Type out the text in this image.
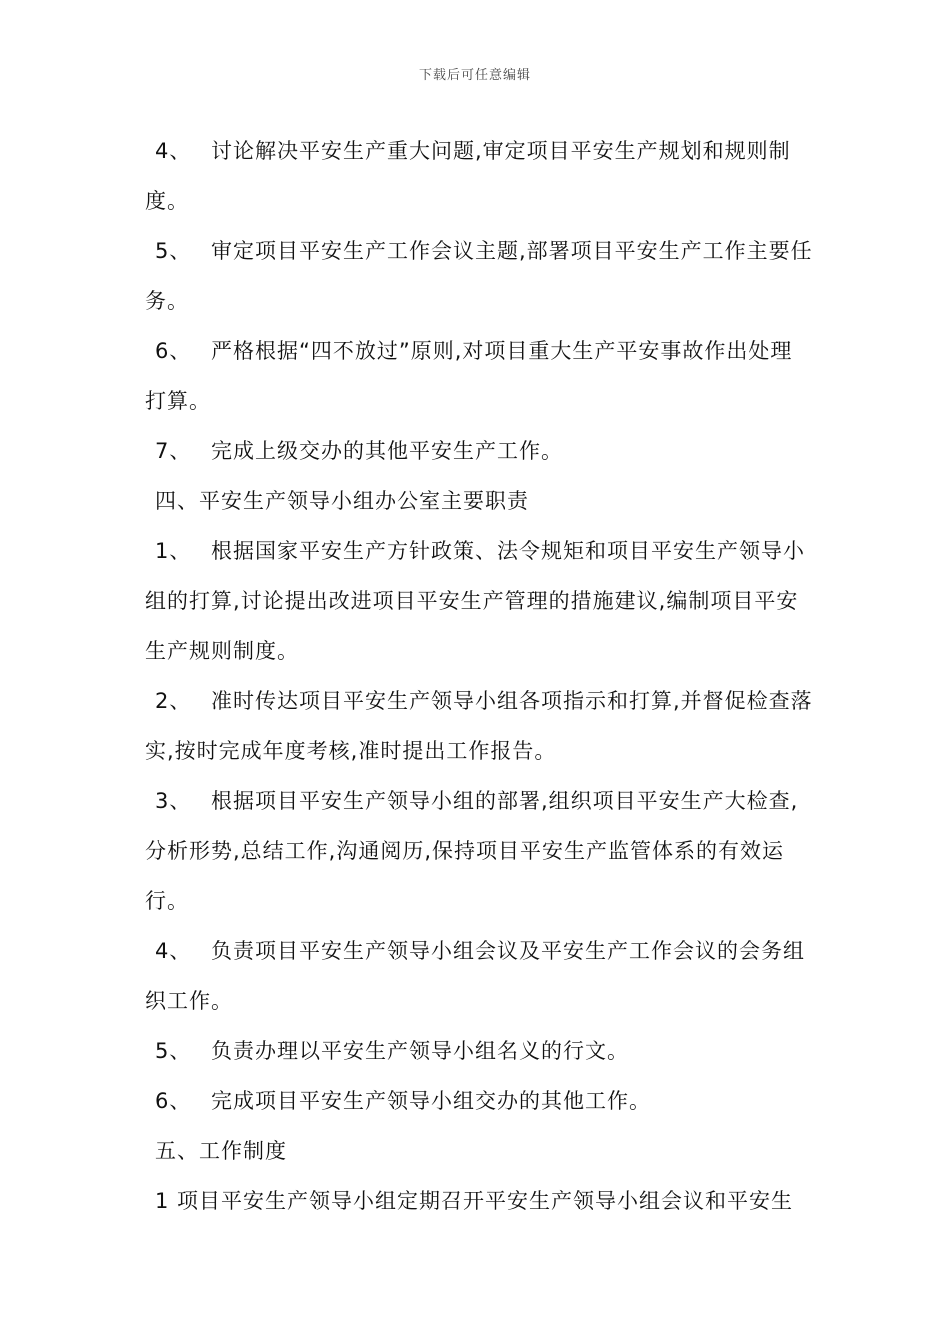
下载后可任意编辑

4、 讨论解决平安生产重大问题,审定项目平安生产规划和规则制度。

5、 审定项目平安生产工作会议主题,部署项目平安生产工作主要任务。

6、 严格根据“四不放过”原则,对项目重大生产平安事故作出处理打算。

7、 完成上级交办的其他平安生产工作。

四、平安生产领导小组办公室主要职责

1、 根据国家平安生产方针政策、法令规矩和项目平安生产领导小组的打算,讨论提出改进项目平安生产管理的措施建议,编制项目平安生产规则制度。

2、 准时传达项目平安生产领导小组各项指示和打算,并督促检查落实,按时完成年度考核,准时提出工作报告。

3、 根据项目平安生产领导小组的部署,组织项目平安生产大检查,分析形势,总结工作,沟通阅历,保持项目平安生产监管体系的有效运行。

4、 负责项目平安生产领导小组会议及平安生产工作会议的会务组织工作。

5、 负责办理以平安生产领导小组名义的行文。

6、 完成项目平安生产领导小组交办的其他工作。

五、工作制度

1 项目平安生产领导小组定期召开平安生产领导小组会议和平安生
